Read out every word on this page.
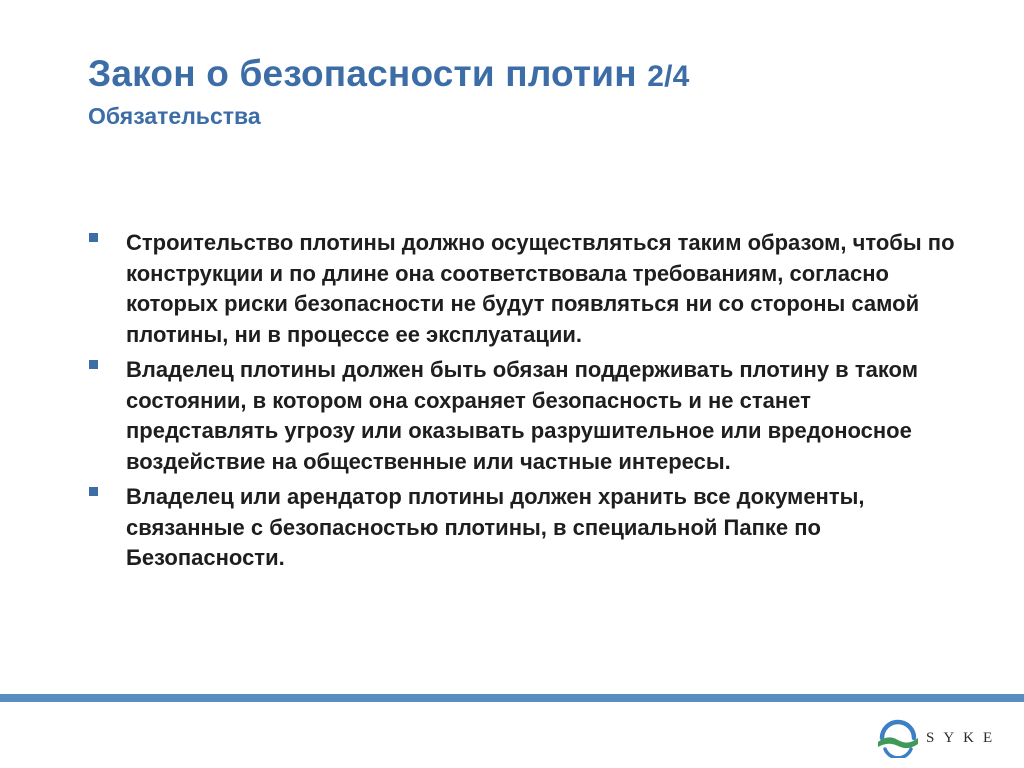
Закон о безопасности плотин 2/4
Обязательства
Строительство плотины должно осуществляться таким образом, чтобы по конструкции и по длине она соответствовала требованиям, согласно которых риски безопасности не будут появляться ни со стороны самой плотины, ни в процессе ее эксплуатации.
Владелец плотины должен быть обязан поддерживать плотину в таком состоянии, в котором она сохраняет безопасность и не станет представлять угрозу или оказывать разрушительное или вредоносное воздействие на общественные или частные интересы.
Владелец или арендатор плотины должен хранить все документы, связанные с безопасностью плотины, в специальной Папке по Безопасности.
SYKE
